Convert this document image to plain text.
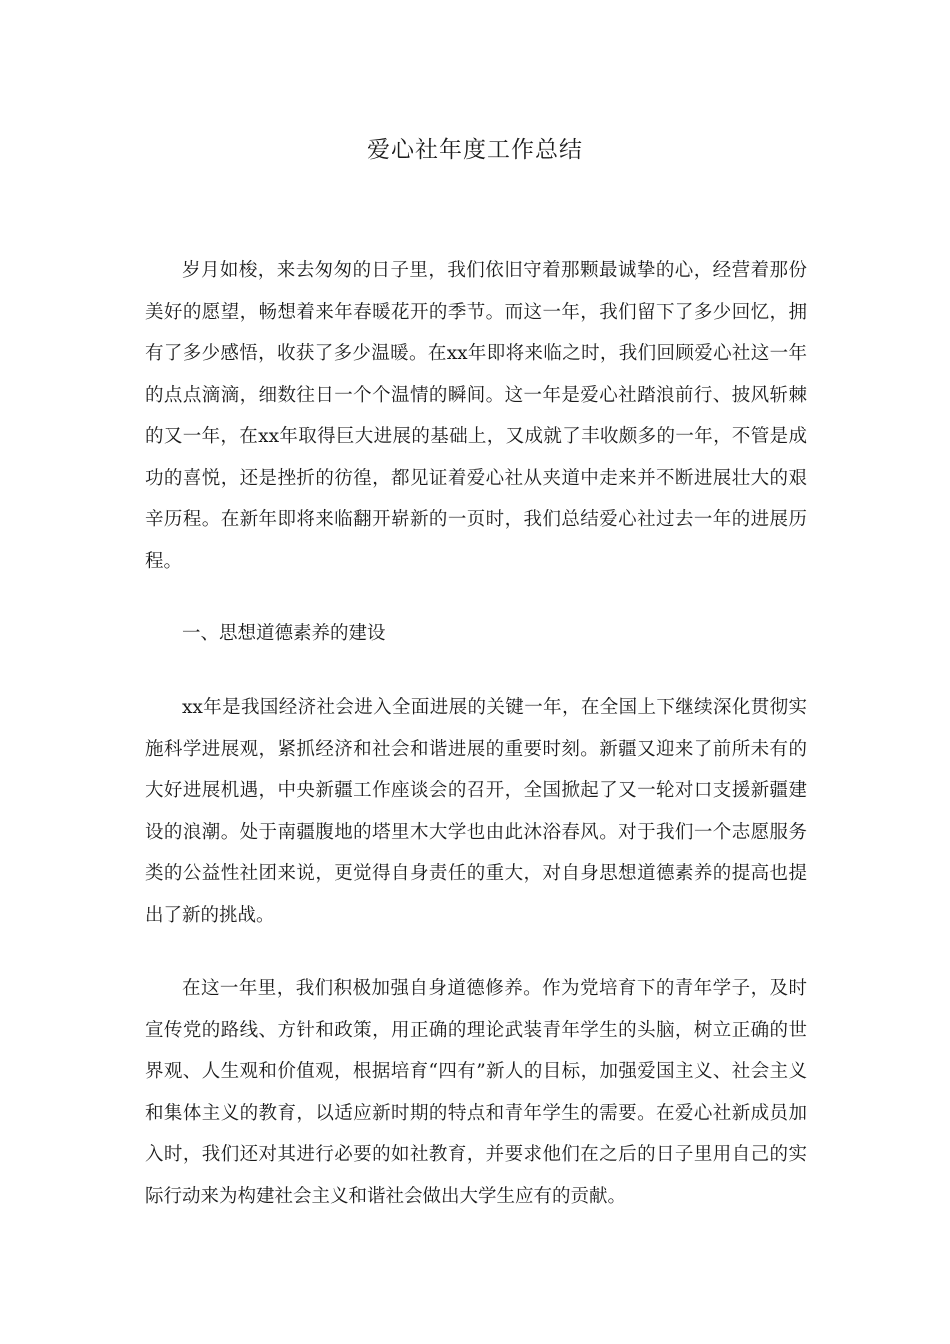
爱心社年度工作总结

岁月如梭，来去匆匆的日子里，我们依旧守着那颗最诚挚的心，经营着那份美好的愿望，畅想着来年春暖花开的季节。而这一年，我们留下了多少回忆，拥有了多少感悟，收获了多少温暖。在xx年即将来临之时，我们回顾爱心社这一年的点点滴滴，细数往日一个个温情的瞬间。这一年是爱心社踏浪前行、披风斩棘的又一年，在xx年取得巨大进展的基础上，又成就了丰收颇多的一年，不管是成功的喜悦，还是挫折的彷徨，都见证着爱心社从夹道中走来并不断进展壮大的艰辛历程。在新年即将来临翻开崭新的一页时，我们总结爱心社过去一年的进展历程。

一、思想道德素养的建设

xx年是我国经济社会进入全面进展的关键一年，在全国上下继续深化贯彻实施科学进展观，紧抓经济和社会和谐进展的重要时刻。新疆又迎来了前所未有的大好进展机遇，中央新疆工作座谈会的召开，全国掀起了又一轮对口支援新疆建设的浪潮。处于南疆腹地的塔里木大学也由此沐浴春风。对于我们一个志愿服务类的公益性社团来说，更觉得自身责任的重大，对自身思想道德素养的提高也提出了新的挑战。

在这一年里，我们积极加强自身道德修养。作为党培育下的青年学子，及时宣传党的路线、方针和政策，用正确的理论武装青年学生的头脑，树立正确的世界观、人生观和价值观，根据培育“四有”新人的目标，加强爱国主义、社会主义和集体主义的教育，以适应新时期的特点和青年学生的需要。在爱心社新成员加入时，我们还对其进行必要的如社教育，并要求他们在之后的日子里用自己的实际行动来为构建社会主义和谐社会做出大学生应有的贡献。
